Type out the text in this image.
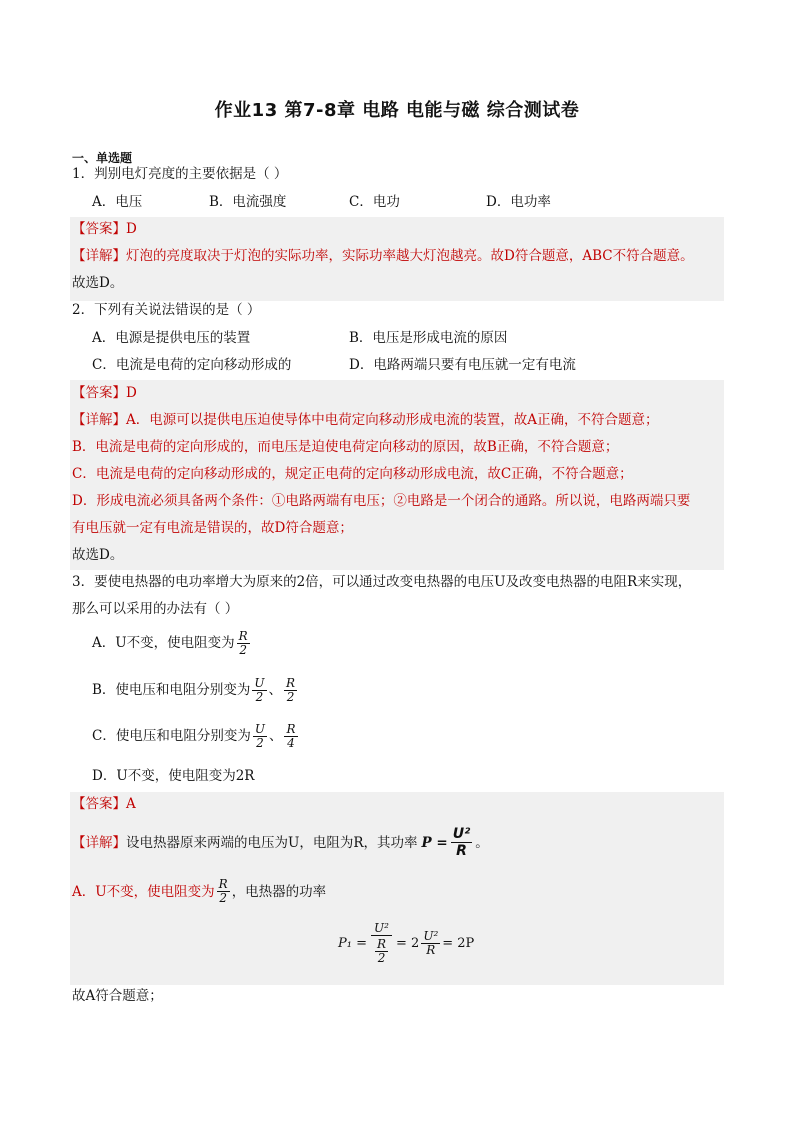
作业13 第7-8章 电路 电能与磁 综合测试卷
一、单选题
1．判别电灯亮度的主要依据是（ ）
A．电压	B．电流强度	C．电功	D．电功率
【答案】D
【详解】灯泡的亮度取决于灯泡的实际功率，实际功率越大灯泡越亮。故D符合题意，ABC不符合题意。
故选D。
2．下列有关说法错误的是（ ）
A．电源是提供电压的装置	B．电压是形成电流的原因
C．电流是电荷的定向移动形成的	D．电路两端只要有电压就一定有电流
【答案】D
【详解】A．电源可以提供电压迫使导体中电荷定向移动形成电流的装置，故A正确，不符合题意；
B．电流是电荷的定向形成的，而电压是迫使电荷定向移动的原因，故B正确，不符合题意；
C．电流是电荷的定向移动形成的，规定正电荷的定向移动形成电流，故C正确，不符合题意；
D．形成电流必须具备两个条件：①电路两端有电压；②电路是一个闭合的通路。所以说，电路两端只要
有电压就一定有电流是错误的，故D符合题意；
故选D。
3．要使电热器的电功率增大为原来的2倍，可以通过改变电热器的电压U及改变电热器的电阻R来实现，
那么可以采用的办法有（ ）
A．U不变，使电阻变为 $\frac{R}{2}$
B．使电压和电阻分别变为 $\frac{U}{2}$ 、 $\frac{R}{2}$
C．使电压和电阻分别变为 $\frac{U}{2}$ 、 $\frac{R}{4}$
D．U不变，使电阻变为2R
【答案】A
【详解】 设电热器原来两端的电压为U，电阻为R，其功率 $P = \frac{\text{U²}}{R}$ 。
A．U不变，使电阻变为 $\frac{R}{2}$ ，电热器的功率
$P_1 = \frac{\text{U²}}{\frac{R}{2}} = 2 \frac{\text{U²}}{R} = 2P$
故A符合题意；
